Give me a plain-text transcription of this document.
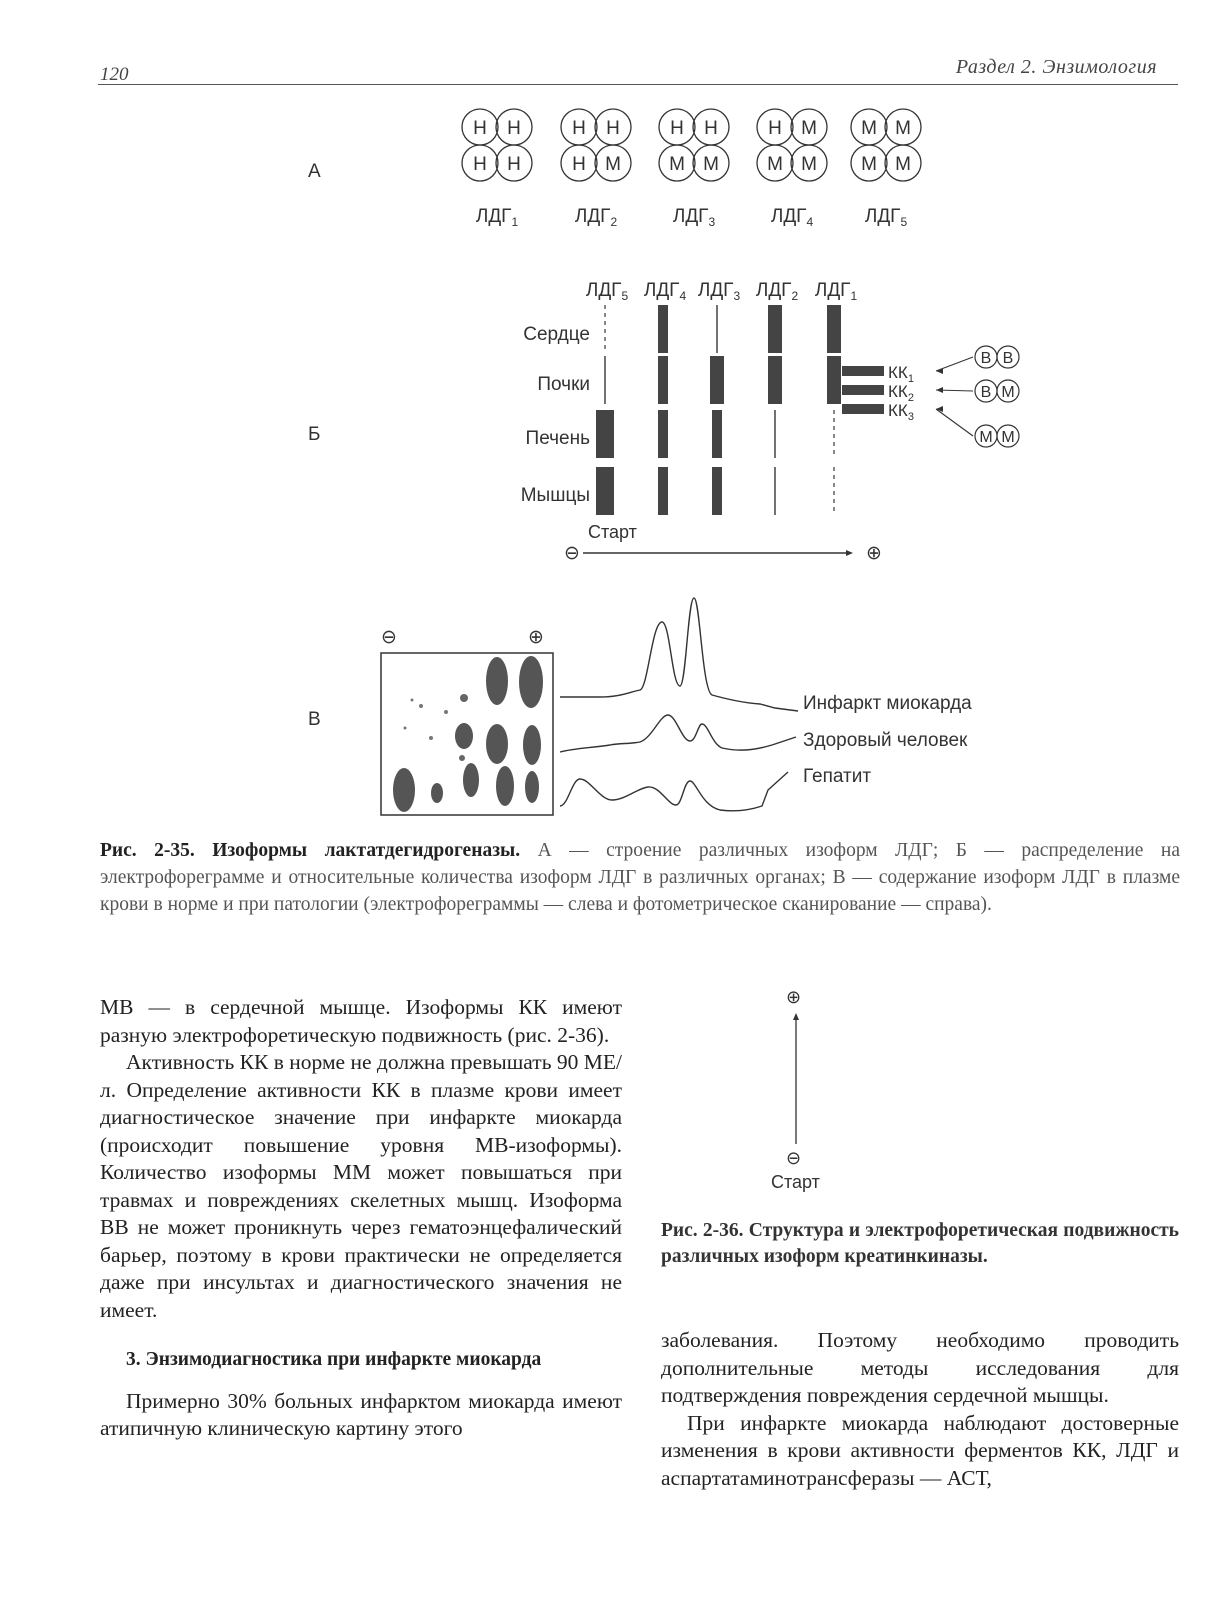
120	Раздел 2. Энзимология
А
Н Н
Н Н
$ЛДГ_1$
Н Н
Н М
$ЛДГ_2$
Н Н
М М
$ЛДГ_3$
Н М
М М
$ЛДГ_4$
М М
М М
$ЛДГ_5$
Б
$ЛДГ_5$ $ЛДГ_4$ $ЛДГ_3$ $ЛДГ_2$ $ЛДГ_1$
Сердце
Почки
Печень
Мышцы
Старт
⊖	⊕
В
⊖	⊕
Инфаркт миокарда
Здоровый человек
Гепатит
Рис. 2-35. Изоформы лактатдегидрогеназы. А — строение различных изоформ ЛДГ; Б — распределение на электрофореграмме и относительные количества изоформ ЛДГ в различных органах; В — содержание изоформ ЛДГ в плазме крови в норме и при патологии (электрофореграммы — слева и фотометрическое сканирование — справа).

МВ — в сердечной мышце. Изоформы КК имеют разную электрофоретическую подвижность (рис. 2-36).

Активность КК в норме не должна превышать 90 МЕ/л. Определение активности КК в плазме крови имеет диагностическое значение при инфаркте миокарда (происходит повышение уровня МВ-изоформы). Количество изоформы ММ может повышаться при травмах и повреждениях скелетных мышц. Изоформа ВВ не может проникнуть через гематоэнцефалический барьер, поэтому в крови практически не определяется даже при инсультах и диагностического значения не имеет.

3. Энзимодиагностика при инфаркте миокарда

Примерно 30% больных инфарктом миокарда имеют атипичную клиническую картину этого

⊕
⊖
Старт
$КК_1$
В В
$КК_2$	В М
$КК_3$
М М
Рис. 2-36. Структура и электрофоретическая подвижность различных изоформ креатинкиназы.

заболевания. Поэтому необходимо проводить дополнительные методы исследования для подтверждения повреждения сердечной мышцы.

При инфаркте миокарда наблюдают достоверные изменения в крови активности ферментов КК, ЛДГ и аспартатаминотрансферазы — АСТ,
